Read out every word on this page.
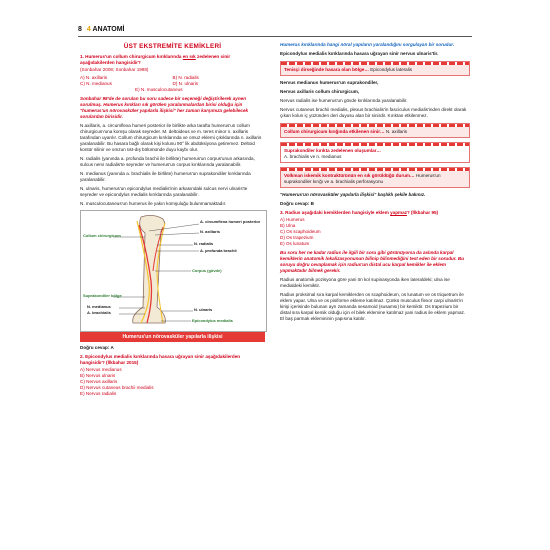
8 4 ANATOMİ
ÜST EKSTREMİTE KEMİKLERİ
1. Humerus'un collum chirurgicum kırıklarında en sık zedelenen sinir aşağıdakilerden hangisidir?
(Sonbahar 2008; Sonbahar 1998)
A) N. axillaris	B) N. radialis
C) N. medianus	D) N. ulnaris
E) N. musculocutaneus

Sonbahar 98'de de sorulan bu soru sadece bir seçeneği değiştirilerek aynen sorulmuş. Humerus kırıkları sık görülen yaralanmalardan birisi olduğu için "humerus'un nörovasküler yapılarla ilişkisi" her zaman karşımıza gelebilecek sorulardan birisidir.

N.axillaris, a. circumflexa humeri posterior ile birlikte arka tarafta humerus'un collum chirurgicum'una komşu olarak seyreder. M. deltoideus ve m. teres minor n. axillaris tarafından uyarılır. Collum chirurgicum kırıklarında ve omuz eklemi çıkıklarında n. axillaris yaralanabilir. Bu hasara bağlı olarak kişi kolunu 90° lik abdüksiyona getiremez. Deltoid kontür silinir ve omzun üst-dış bölümünde duyu kaybı olur.

N. radialis (yanında a. profunda brachii ile birlikte) humerus'un corpus'unun arkasında, sulcus nervi radialis'te seyreder ve humerus'un corpus kırıklarında yaralanabilir.

N. medianus (yanında a. brachialis ile birlikte) humerus'un suprakondiler kırıklarında yaralanabilir.

N. ulnaris, humerus'un epicondylus medialis'inin arkasındaki sulcus nervi ulnaris'te seyreder ve epicondylus medialis kırıklarında yaralanabilir.

N. musculocutaneus'un humerus ile yakın komşuluğu bulunmamaktadır.

A. circumflexa humeri posterior
N. axillaris
Collum chirurgicum
N. radialis
A. profunda brachii
Corpus (gövde)
Suprakondiler bölge
N. medianus
A. brachialis
N. ulnaris
Epicondylus medialis
Humerus'un nörovasküler yapılarla ilişkisi
Doğru cevap: A
2. Epicondylus medialis kırıklarında hasara uğrayan sinir aşağıdakilerden hangisidir? (İlkbahar 2015)
A) Nervus medianus
B) Nervus ulnaris
C) Nervus axillaris
D) Nervus cutaneus brachii medialis
E) Nervus radialis

Humerus kırıklarında hangi nöral yapıların yaralandığını sorgulayan bir sorudur.

Epicondylus medialis kırıklarında hasara uğrayan sinir nervus ulnaris'tir.

Tenisçi dirseğinde hasara olan bölge… Epicondylus lateralis

Nervus medianus humerus'un suprakondiler,

Nervus axillaris collum chirurgicum,

Nervus radialis ise humerus'un gövde kırıklarında yaralanabilir.

Nervus cutaneus brachii medialis, plexus brachialis'in fasciculus medialis'inden direkt olarak çıkan kolun iç yüzünden deri duyusu alan bir sinirdir. Kırıktan etkilenmez.

Collum chirurgicum kırığında etkilenen sinir… N. axillaris
Suprakondiler kırıkta zedelenen oluşumlar…
A. brachialis ve n. medianus
Volkman iskemik kontraktürünün en sık görüldüğü durum… Humerus'un suprakondiler kırığı ve a. brachialis perforasyonu

"Humerus'un nörovasküler yapılarla ilişkisi" başlıklı şekile bakınız.

Doğru cevap: B
3. Radius aşağıdaki kemiklerden hangisiyle eklem yapmaz? (İlkbahar 95)
A) Humerus
B) Ulna
C) Os scaphoideum
D) Os trapezium
E) Os lunatum

Bu soru her ne kadar radius ile ilgili bir soru gibi görünüyorsa da aslında karpal kemiklerin anatomik lokalizasyonunun bilinip bilinmediğini test eden bir sorudur. Bu soruyu doğru cevaplamak için radius'un distal ucu karpal kemikler ile eklem yapmaktadır bilmek gerekir.

Radius anatomik pozisyona göre yani ön kol supinasyonda iken lateraldeki; ulna ise medialdeki kemiktir.

Radius proksimal sıra karpal kemiklerden os scaphoideum, os lunatum ve os triquetrum ile eklem yapar. Ulna ve os pisiforme ekleme katılmaz. Çünkü musculus flexor carpi ulnaris'in kirişi içerisinde bulunan ayrı zamanda sesamoid (susamsı) bir kemiktir. Os trapezium bir distal sıra karpal kemik olduğu için el bilek eklemine katılmaz yani radius ile eklem yapmaz. El baş parmak eklemininin yapısına katılır.
